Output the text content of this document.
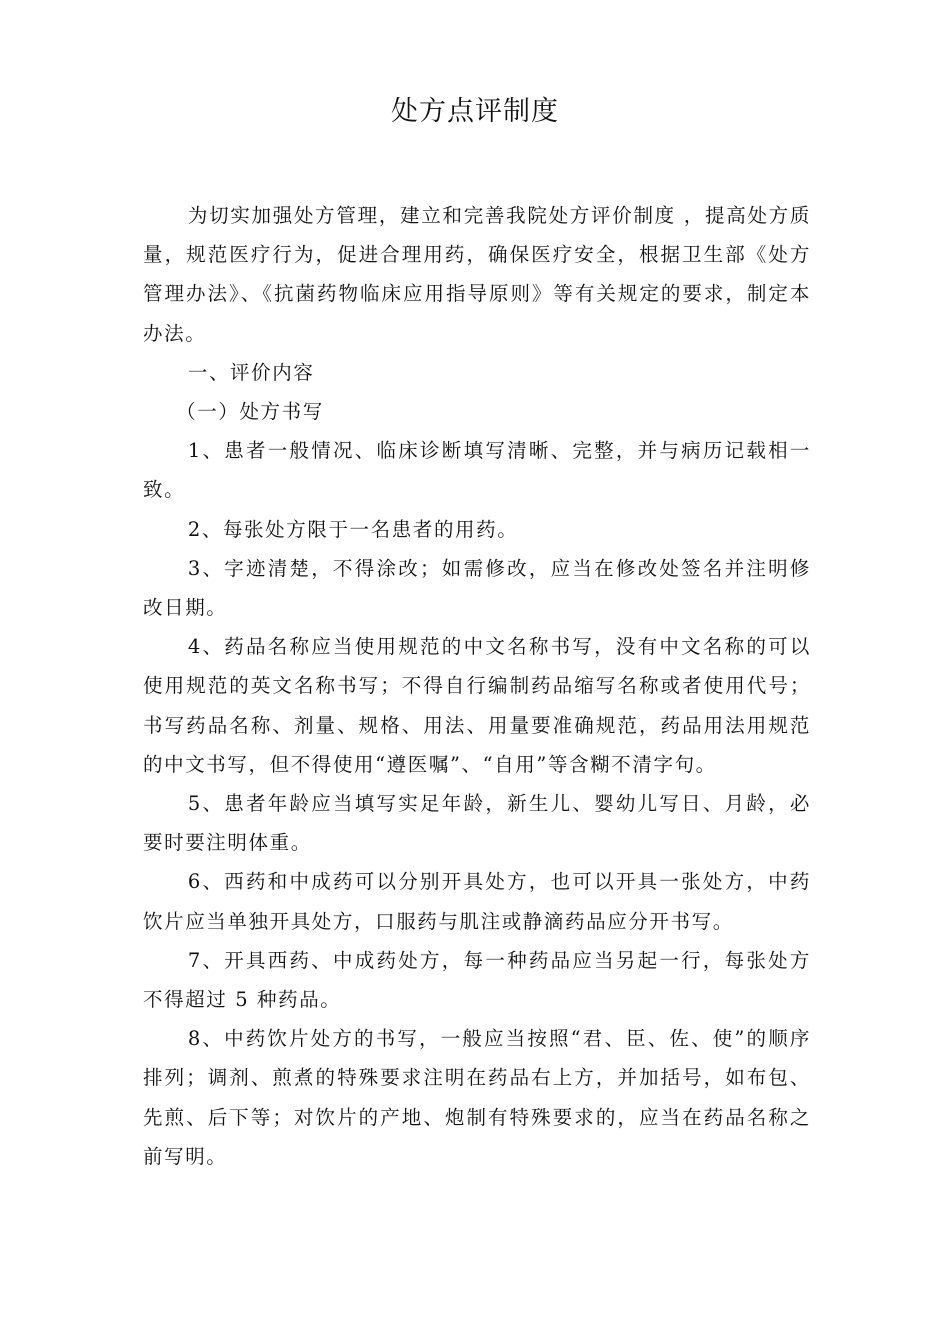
处方点评制度

为切实加强处方管理，建立和完善我院处方评价制度 ，提高处方质量，规范医疗行为，促进合理用药，确保医疗安全，根据卫生部《处方管理办法》、《抗菌药物临床应用指导原则》等有关规定的要求，制定本办法。

一、评价内容

（一）处方书写

1、患者一般情况、临床诊断填写清晰、完整，并与病历记载相一致。

2、每张处方限于一名患者的用药。

3、字迹清楚，不得涂改；如需修改，应当在修改处签名并注明修改日期。

4、药品名称应当使用规范的中文名称书写，没有中文名称的可以使用规范的英文名称书写；不得自行编制药品缩写名称或者使用代号；书写药品名称、剂量、规格、用法、用量要准确规范，药品用法用规范的中文书写，但不得使用“遵医嘱”、“自用”等含糊不清字句。

5、患者年龄应当填写实足年龄，新生儿、婴幼儿写日、月龄，必要时要注明体重。

6、西药和中成药可以分别开具处方，也可以开具一张处方，中药饮片应当单独开具处方，口服药与肌注或静滴药品应分开书写。

7、开具西药、中成药处方，每一种药品应当另起一行，每张处方不得超过 5 种药品。

8、中药饮片处方的书写，一般应当按照“君、臣、佐、使”的顺序排列；调剂、煎煮的特殊要求注明在药品右上方，并加括号，如布包、先煎、后下等；对饮片的产地、炮制有特殊要求的，应当在药品名称之前写明。
